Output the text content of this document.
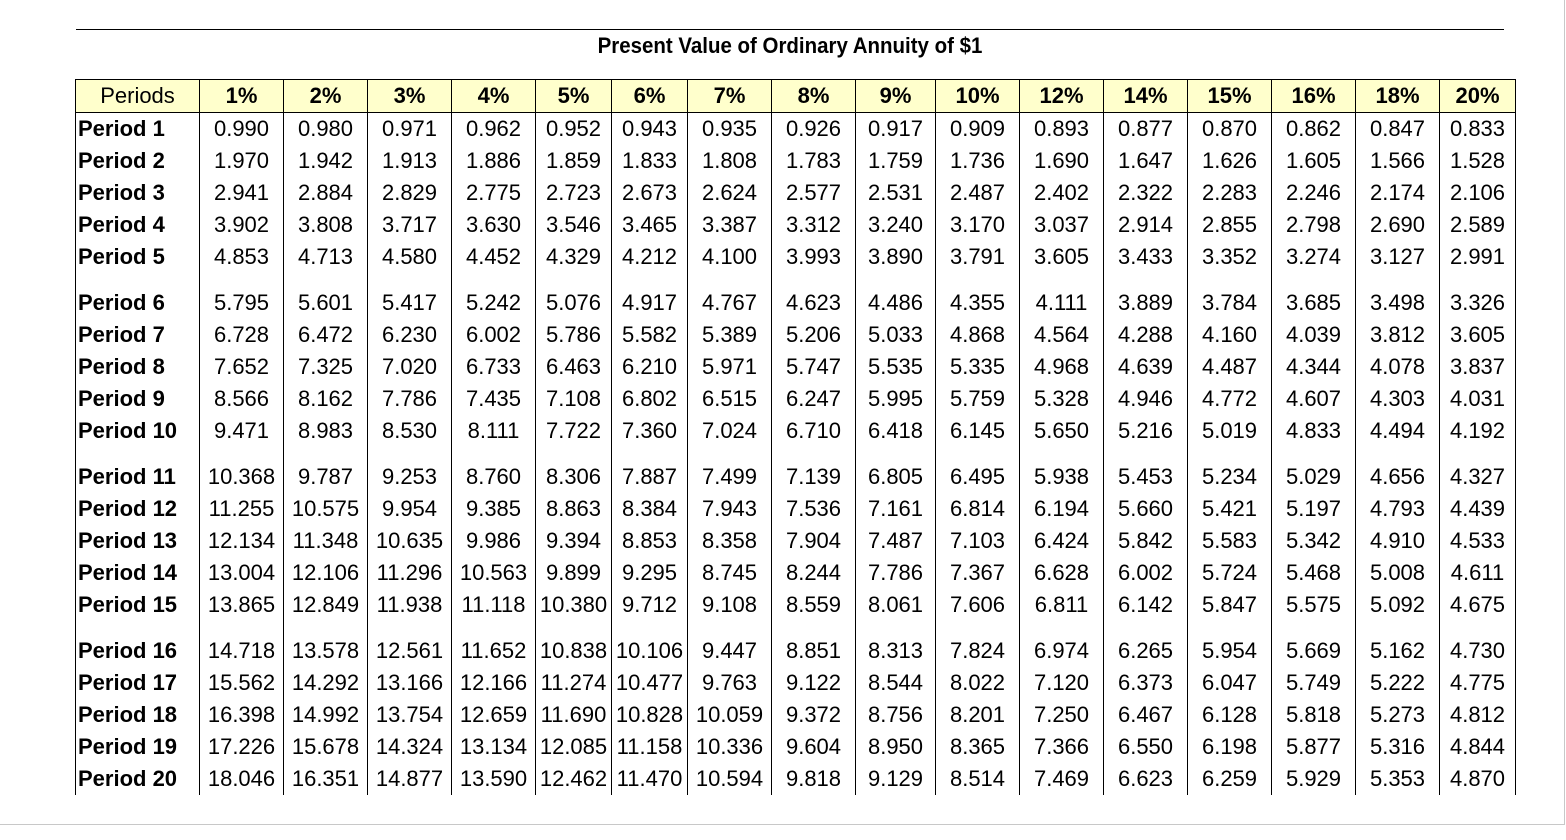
Present Value of Ordinary Annuity of $1
Periods	1%	2%	3%	4%	5%	6%	7%	8%	9%	10%	12%	14%	15%	16%	18%	20%
Period 1	0.990	0.980	0.971	0.962	0.952	0.943	0.935	0.926	0.917	0.909	0.893	0.877	0.870	0.862	0.847	0.833
Period 2	1.970	1.942	1.913	1.886	1.859	1.833	1.808	1.783	1.759	1.736	1.690	1.647	1.626	1.605	1.566	1.528
Period 3	2.941	2.884	2.829	2.775	2.723	2.673	2.624	2.577	2.531	2.487	2.402	2.322	2.283	2.246	2.174	2.106
Period 4	3.902	3.808	3.717	3.630	3.546	3.465	3.387	3.312	3.240	3.170	3.037	2.914	2.855	2.798	2.690	2.589
Period 5	4.853	4.713	4.580	4.452	4.329	4.212	4.100	3.993	3.890	3.791	3.605	3.433	3.352	3.274	3.127	2.991
Period 6	5.795	5.601	5.417	5.242	5.076	4.917	4.767	4.623	4.486	4.355	4.111	3.889	3.784	3.685	3.498	3.326
Period 7	6.728	6.472	6.230	6.002	5.786	5.582	5.389	5.206	5.033	4.868	4.564	4.288	4.160	4.039	3.812	3.605
Period 8	7.652	7.325	7.020	6.733	6.463	6.210	5.971	5.747	5.535	5.335	4.968	4.639	4.487	4.344	4.078	3.837
Period 9	8.566	8.162	7.786	7.435	7.108	6.802	6.515	6.247	5.995	5.759	5.328	4.946	4.772	4.607	4.303	4.031
Period 10	9.471	8.983	8.530	8.111	7.722	7.360	7.024	6.710	6.418	6.145	5.650	5.216	5.019	4.833	4.494	4.192
Period 11	10.368	9.787	9.253	8.760	8.306	7.887	7.499	7.139	6.805	6.495	5.938	5.453	5.234	5.029	4.656	4.327
Period 12	11.255	10.575	9.954	9.385	8.863	8.384	7.943	7.536	7.161	6.814	6.194	5.660	5.421	5.197	4.793	4.439
Period 13	12.134	11.348	10.635	9.986	9.394	8.853	8.358	7.904	7.487	7.103	6.424	5.842	5.583	5.342	4.910	4.533
Period 14	13.004	12.106	11.296	10.563	9.899	9.295	8.745	8.244	7.786	7.367	6.628	6.002	5.724	5.468	5.008	4.611
Period 15	13.865	12.849	11.938	11.118	10.380	9.712	9.108	8.559	8.061	7.606	6.811	6.142	5.847	5.575	5.092	4.675
Period 16	14.718	13.578	12.561	11.652	10.838	10.106	9.447	8.851	8.313	7.824	6.974	6.265	5.954	5.669	5.162	4.730
Period 17	15.562	14.292	13.166	12.166	11.274	10.477	9.763	9.122	8.544	8.022	7.120	6.373	6.047	5.749	5.222	4.775
Period 18	16.398	14.992	13.754	12.659	11.690	10.828	10.059	9.372	8.756	8.201	7.250	6.467	6.128	5.818	5.273	4.812
Period 19	17.226	15.678	14.324	13.134	12.085	11.158	10.336	9.604	8.950	8.365	7.366	6.550	6.198	5.877	5.316	4.844
Period 20	18.046	16.351	14.877	13.590	12.462	11.470	10.594	9.818	9.129	8.514	7.469	6.623	6.259	5.929	5.353	4.870
